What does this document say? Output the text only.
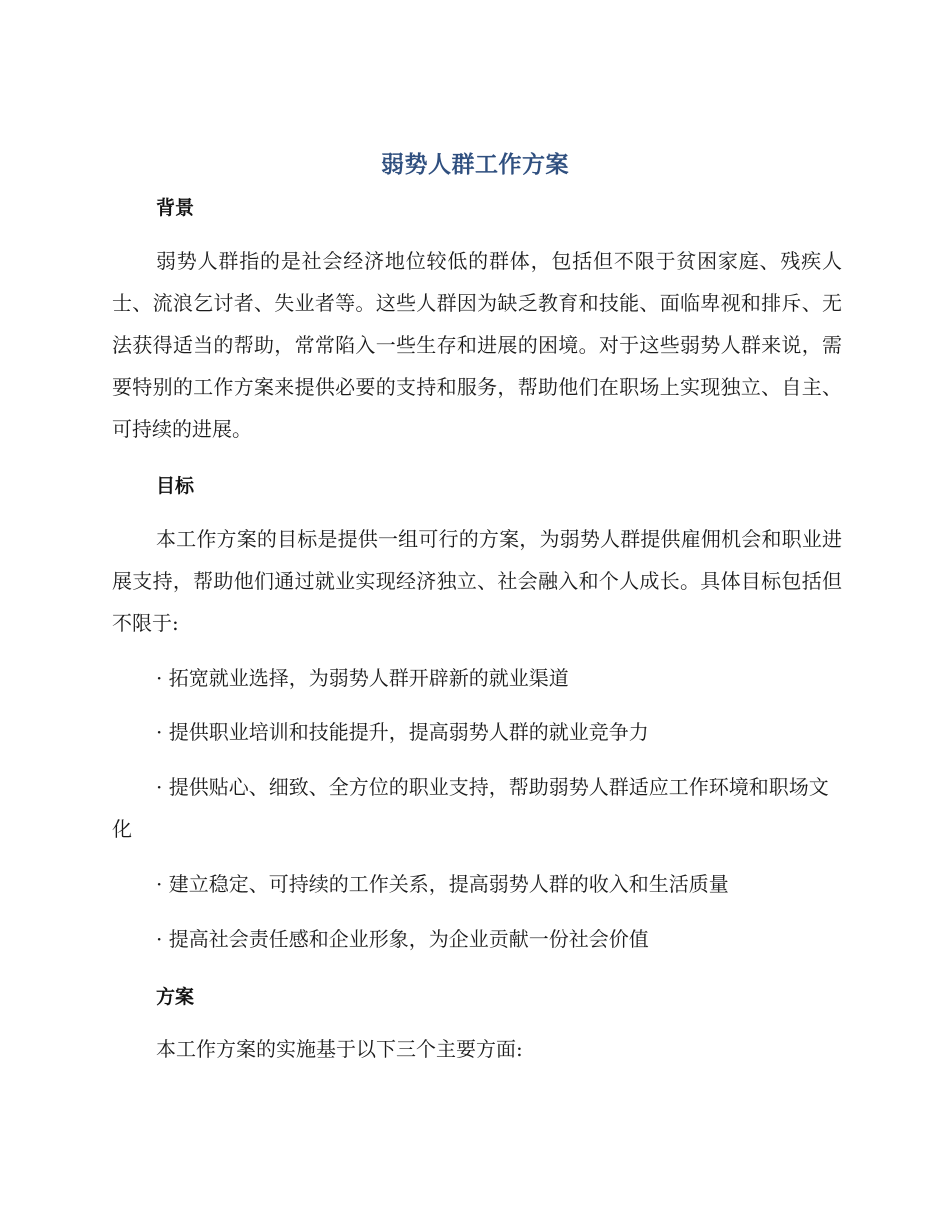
弱势人群工作方案
背景
弱势人群指的是社会经济地位较低的群体，包括但不限于贫困家庭、残疾人士、流浪乞讨者、失业者等。这些人群因为缺乏教育和技能、面临卑视和排斥、无法获得适当的帮助，常常陷入一些生存和进展的困境。对于这些弱势人群来说，需要特别的工作方案来提供必要的支持和服务，帮助他们在职场上实现独立、自主、可持续的进展。
目标
本工作方案的目标是提供一组可行的方案，为弱势人群提供雇佣机会和职业进展支持，帮助他们通过就业实现经济独立、社会融入和个人成长。具体目标包括但不限于:
· 拓宽就业选择，为弱势人群开辟新的就业渠道
· 提供职业培训和技能提升，提高弱势人群的就业竞争力
· 提供贴心、细致、全方位的职业支持，帮助弱势人群适应工作环境和职场文化
· 建立稳定、可持续的工作关系，提高弱势人群的收入和生活质量
· 提高社会责任感和企业形象，为企业贡献一份社会价值
方案
本工作方案的实施基于以下三个主要方面:
